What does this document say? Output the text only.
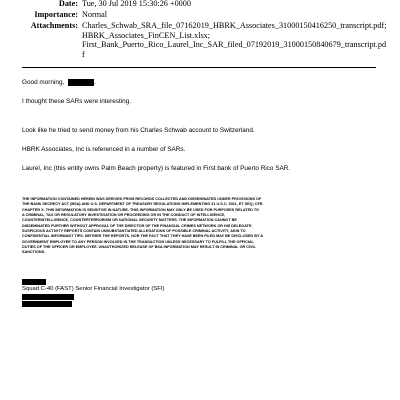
Date: Tue, 30 Jul 2019 15:30:26 +0000
Importance: Normal
Attachments: Charles_Schwab_SRA_file_07162019_HBRK_Associates_31000150416250_transcript.pdf;
HBRK_Associates_FinCEN_List.xlsx;
First_Bank_Puerto_Rico_Laurel_Inc_SAR_filed_07192019_31000150840679_transcript.pd
f
Good morning,	.
I thought these SARs were interesting.
Look like he tried to send money from his Charles Schwab account to Switzerland.
HBRK Associates, Inc is referenced in a number of SARs.
Laurel, Inc (this entity owns Palm Beach property) is featured in First bank of Puerto Rico SAR.
THE INFORMATION CONTAINED HEREIN WAS DERIVED FROM RECORDS COLLECTED AND DISSEMINATED UNDER PROVISIONS OF
THE BANK SECRECY ACT (BSA) AND U.S. DEPARTMENT OF TREASURY REGULATIONS IMPLEMENTING 31 U.S.C. 5311, ET SEQ; CFR
CHAPTER X. THIS INFORMATION IS SENSITIVE IN NATURE. THIS INFORMATION MAY ONLY BE USED FOR PURPOSES RELATED TO
A CRIMINAL, TAX OR REGULATORY INVESTIGATION OR PROCEEDING OR IN THE CONDUCT OF INTELLIGENCE,
COUNTERINTELLIGENCE, COUNTERTERRORISM OR NATIONAL SECURITY MATTERS. THE INFORMATION CANNOT BE
DISSEMINATED FURTHER WITHOUT APPROVAL OF THE DIRECTOR OF THE FINANCIAL CRIMES NETWORK OR HIS DELEGATE.
SUSPICIOUS ACTIVITY REPORTS CONTAIN UNSUBSTANTIATED ALLEGATIONS OF POSSIBLE CRIMINAL ACTIVITY, AKIN TO
CONFIDENTIAL INFORMANT TIPS. NEITHER THE REPORTS, NOR THE FACT THAT THEY HAVE BEEN FILED MAY BE DISCLOSED BY A
GOVERNMENT EMPLOYEE TO ANY PERSON INVOLVED IN THE TRANSACTION UNLESS NECESSARY TO FULFILL THE OFFICIAL
DUTIES OF THE OFFICER OR EMPLOYEE. UNAUTHORIZED RELEASE OF BSA INFORMATION MAY RESULT IN CRIMINAL OR CIVIL
SANCTIONS.
Squad C-40 (FAST) Senior Financial Investigator (SFI)
